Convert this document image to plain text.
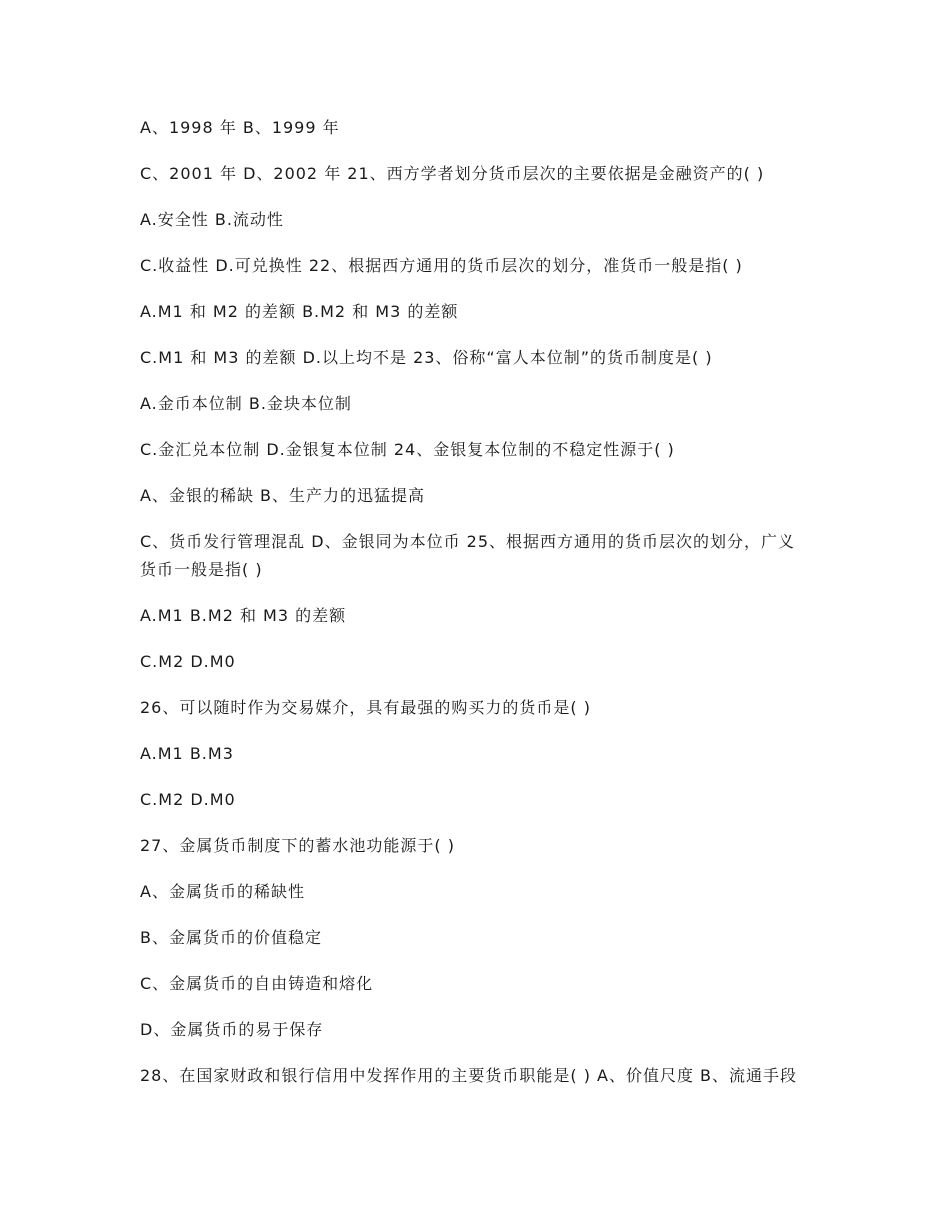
A、1998 年 B、1999 年

C、2001 年 D、2002 年 21、西方学者划分货币层次的主要依据是金融资产的( )

A.安全性 B.流动性

C.收益性 D.可兑换性 22、根据西方通用的货币层次的划分，准货币一般是指( )

A.M1 和 M2 的差额 B.M2 和 M3 的差额

C.M1 和 M3 的差额 D.以上均不是 23、俗称“富人本位制”的货币制度是( )

A.金币本位制 B.金块本位制

C.金汇兑本位制 D.金银复本位制 24、金银复本位制的不稳定性源于( )

A、金银的稀缺 B、生产力的迅猛提高

C、货币发行管理混乱 D、金银同为本位币 25、根据西方通用的货币层次的划分，广义货币一般是指( )

A.M1 B.M2 和 M3 的差额

C.M2 D.M0

26、可以随时作为交易媒介，具有最强的购买力的货币是( )

A.M1 B.M3

C.M2 D.M0

27、金属货币制度下的蓄水池功能源于( )

A、金属货币的稀缺性

B、金属货币的价值稳定

C、金属货币的自由铸造和熔化

D、金属货币的易于保存

28、在国家财政和银行信用中发挥作用的主要货币职能是( ) A、价值尺度 B、流通手段
